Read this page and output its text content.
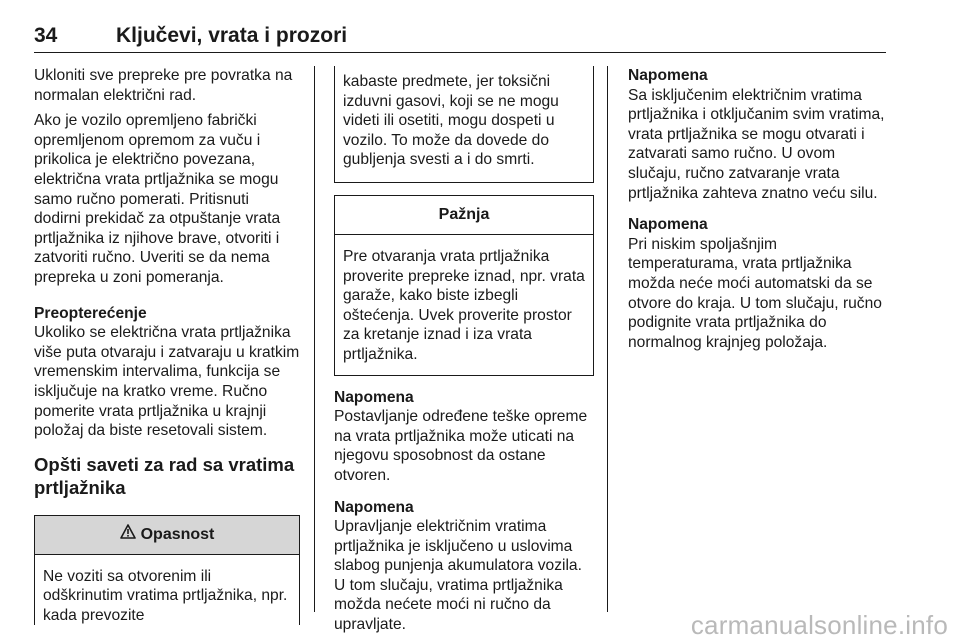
34	Ključevi, vrata i prozori

Ukloniti sve prepreke pre povratka na normalan električni rad.

Ako je vozilo opremljeno fabrički opremljenom opremom za vuču i prikolica je električno povezana, električna vrata prtljažnika se mogu samo ručno pomerati. Pritisnuti dodirni prekidač za otpuštanje vrata prtljažnika iz njihove brave, otvoriti i zatvoriti ručno. Uveriti se da nema prepreka u zoni pomeranja.

Preopterećenje

Ukoliko se električna vrata prtljažnika više puta otvaraju i zatvaraju u kratkim vremenskim intervalima, funkcija se isključuje na kratko vreme. Ručno pomerite vrata prtljažnika u krajnji položaj da biste resetovali sistem.

Opšti saveti za rad sa vratima prtljažnika
Opasnost
Ne voziti sa otvorenim ili odškrinutim vratima prtljažnika, npr. kada prevozite
kabaste predmete, jer toksični izduvni gasovi, koji se ne mogu videti ili osetiti, mogu dospeti u vozilo. To može da dovede do gubljenja svesti a i do smrti.
Pažnja
Pre otvaranja vrata prtljažnika proverite prepreke iznad, npr. vrata garaže, kako biste izbegli oštećenja. Uvek proverite prostor za kretanje iznad i iza vrata prtljažnika.
Napomena

Postavljanje određene teške opreme na vrata prtljažnika može uticati na njegovu sposobnost da ostane otvoren.

Napomena

Upravljanje električnim vratima prtljažnika je isključeno u uslovima slabog punjenja akumulatora vozila. U tom slučaju, vratima prtljažnika možda nećete moći ni ručno da upravljate.

Napomena

Sa isključenim električnim vratima prtljažnika i otključanim svim vratima, vrata prtljažnika se mogu otvarati i zatvarati samo ručno. U ovom slučaju, ručno zatvaranje vrata prtljažnika zahteva znatno veću silu.

Napomena

Pri niskim spoljašnjim temperaturama, vrata prtljažnika možda neće moći automatski da se otvore do kraja. U tom slučaju, ručno podignite vrata prtljažnika do normalnog krajnjeg položaja.

carmanualsonline.info
